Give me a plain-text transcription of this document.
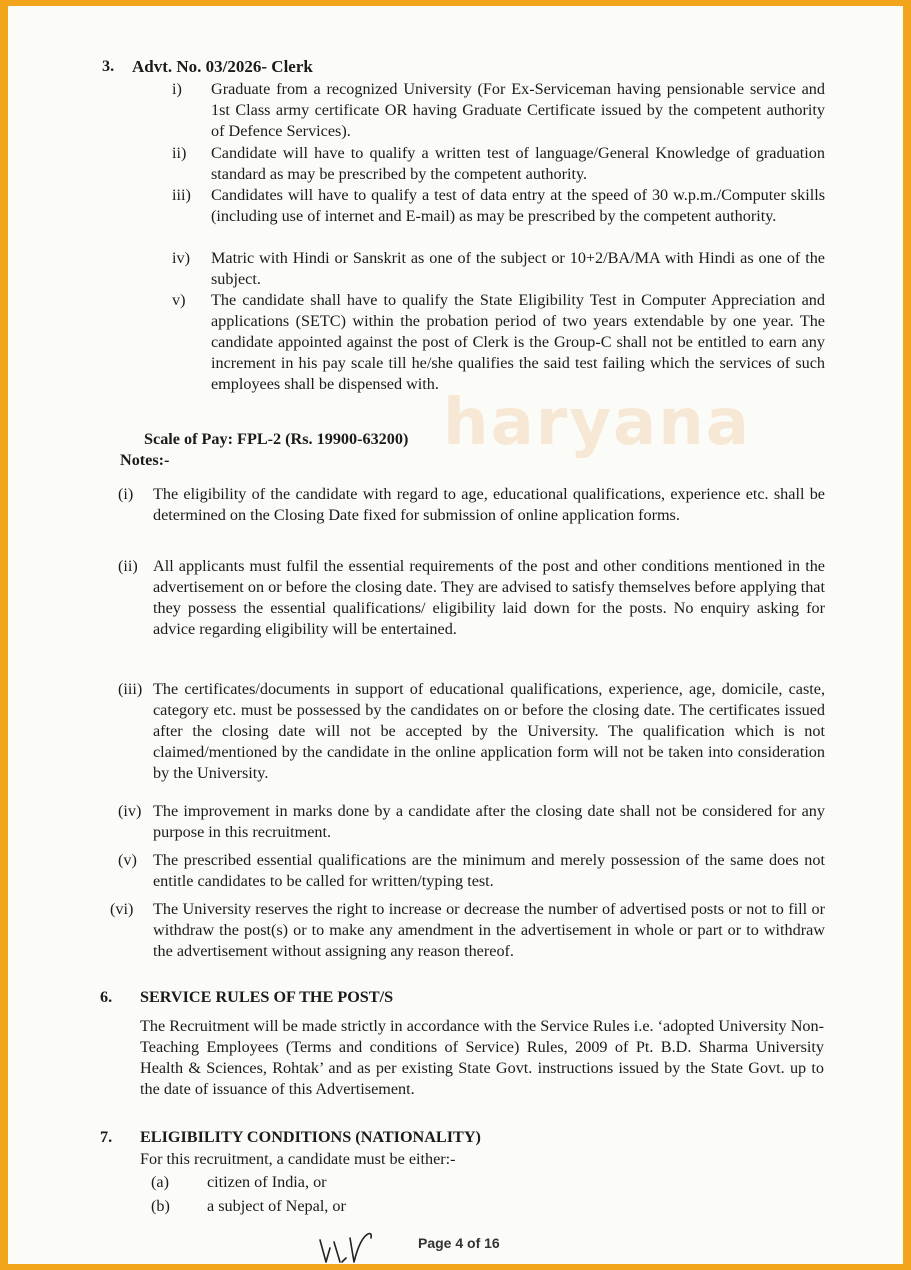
haryana
3. Advt. No. 03/2026- Clerk
i) Graduate from a recognized University (For Ex-Serviceman having pensionable service and 1st Class army certificate OR having Graduate Certificate issued by the competent authority of Defence Services).

ii) Candidate will have to qualify a written test of language/General Knowledge of graduation standard as may be prescribed by the competent authority.

iii) Candidates will have to qualify a test of data entry at the speed of 30 w.p.m./Computer skills (including use of internet and E-mail) as may be prescribed by the competent authority.

iv) Matric with Hindi or Sanskrit as one of the subject or 10+2/BA/MA with Hindi as one of the subject.

v) The candidate shall have to qualify the State Eligibility Test in Computer Appreciation and applications (SETC) within the probation period of two years extendable by one year. The candidate appointed against the post of Clerk is the Group-C shall not be entitled to earn any increment in his pay scale till he/she qualifies the said test failing which the services of such employees shall be dispensed with.

Scale of Pay: FPL-2 (Rs. 19900-63200)
Notes:-
(i) The eligibility of the candidate with regard to age, educational qualifications, experience etc. shall be determined on the Closing Date fixed for submission of online application forms.

(ii) All applicants must fulfil the essential requirements of the post and other conditions mentioned in the advertisement on or before the closing date. They are advised to satisfy themselves before applying that they possess the essential qualifications/ eligibility laid down for the posts. No enquiry asking for advice regarding eligibility will be entertained.

(iii) The certificates/documents in support of educational qualifications, experience, age, domicile, caste, category etc. must be possessed by the candidates on or before the closing date. The certificates issued after the closing date will not be accepted by the University. The qualification which is not claimed/mentioned by the candidate in the online application form will not be taken into consideration by the University.

(iv) The improvement in marks done by a candidate after the closing date shall not be considered for any purpose in this recruitment.

(v) The prescribed essential qualifications are the minimum and merely possession of the same does not entitle candidates to be called for written/typing test.

(vi) The University reserves the right to increase or decrease the number of advertised posts or not to fill or withdraw the post(s) or to make any amendment in the advertisement in whole or part or to withdraw the advertisement without assigning any reason thereof.

6. SERVICE RULES OF THE POST/S

The Recruitment will be made strictly in accordance with the Service Rules i.e. ‘adopted University Non-Teaching Employees (Terms and conditions of Service) Rules, 2009 of Pt. B.D. Sharma University Health & Sciences, Rohtak’ and as per existing State Govt. instructions issued by the State Govt. up to the date of issuance of this Advertisement.

7. ELIGIBILITY CONDITIONS (NATIONALITY)
For this recruitment, a candidate must be either:-
(a) citizen of India, or
(b) a subject of Nepal, or
Page 4 of 16
